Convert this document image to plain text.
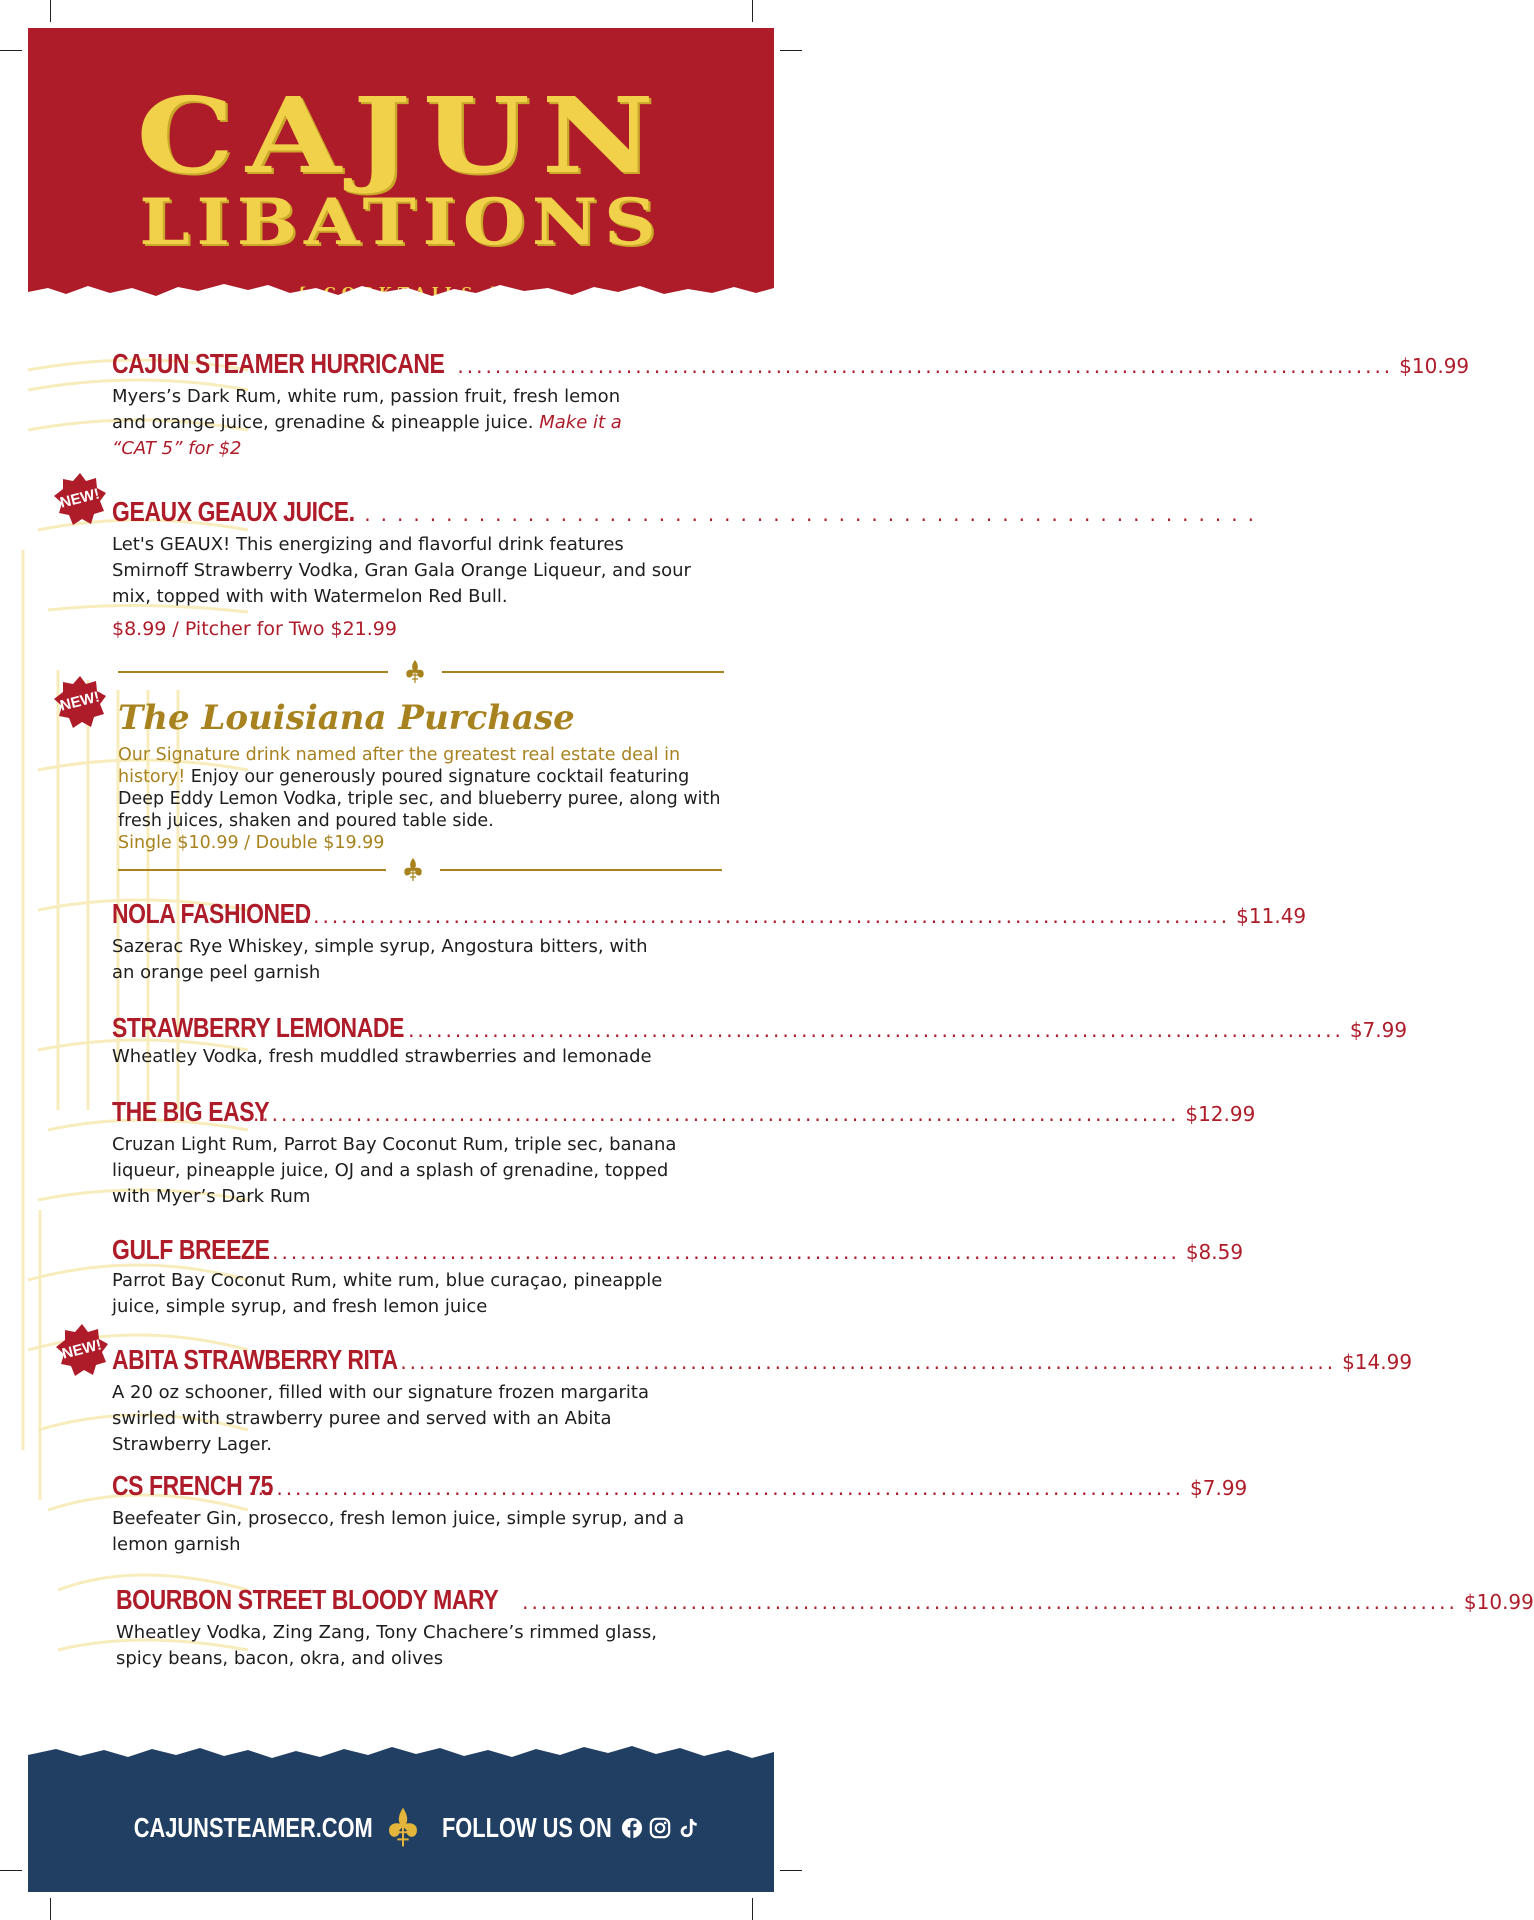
CAJUN
LIBATIONS
NEW!
NEW!
NEW!
CAJUN STEAMER HURRICANE .................................................................................................... $10.99
Myers’s Dark Rum, white rum, passion fruit, fresh lemon and orange juice, grenadine & pineapple juice. Make it a “CAT 5” for $2
GEAUX GEAUX JUICE.
........................................................
Let's GEAUX! This energizing and flavorful drink features Smirnoff Strawberry Vodka, Gran Gala Orange Liqueur, and sour mix, topped with with Watermelon Red Bull.
$8.99 / Pitcher for Two $21.99
The Louisiana Purchase
Our Signature drink named after the greatest real estate deal in history! Enjoy our generously poured signature cocktail featuring Deep Eddy Lemon Vodka, triple sec, and blueberry puree, along with fresh juices, shaken and poured table side.
Single $10.99 / Double $19.99
NOLA FASHIONED
.................................................................................................... $11.49
Sazerac Rye Whiskey, simple syrup, Angostura bitters, with an orange peel garnish
STRAWBERRY LEMONADE .................................................................................................... $7.99
Wheatley Vodka, fresh muddled strawberries and lemonade
THE BIG EASY
.................................................................................................... $12.99
Cruzan Light Rum, Parrot Bay Coconut Rum, triple sec, banana liqueur, pineapple juice, OJ and a splash of grenadine, topped with Myer’s Dark Rum
GULF BREEZE
.................................................................................................... $8.59
Parrot Bay Coconut Rum, white rum, blue curaçao, pineapple juice, simple syrup, and fresh lemon juice
ABITA STRAWBERRY RITA .................................................................................................... $14.99
A 20 oz schooner, filled with our signature frozen margarita swirled with strawberry puree and served with an Abita Strawberry Lager.
CS FRENCH 75
.................................................................................................... $7.99
Beefeater Gin, prosecco, fresh lemon juice, simple syrup, and a lemon garnish
BOURBON STREET BLOODY MARY .................................................................................................... $10.99
Wheatley Vodka, Zing Zang, Tony Chachere’s rimmed glass, spicy beans, bacon, okra, and olives
CAJUNSTEAMER.COM FOLLOW US ON
